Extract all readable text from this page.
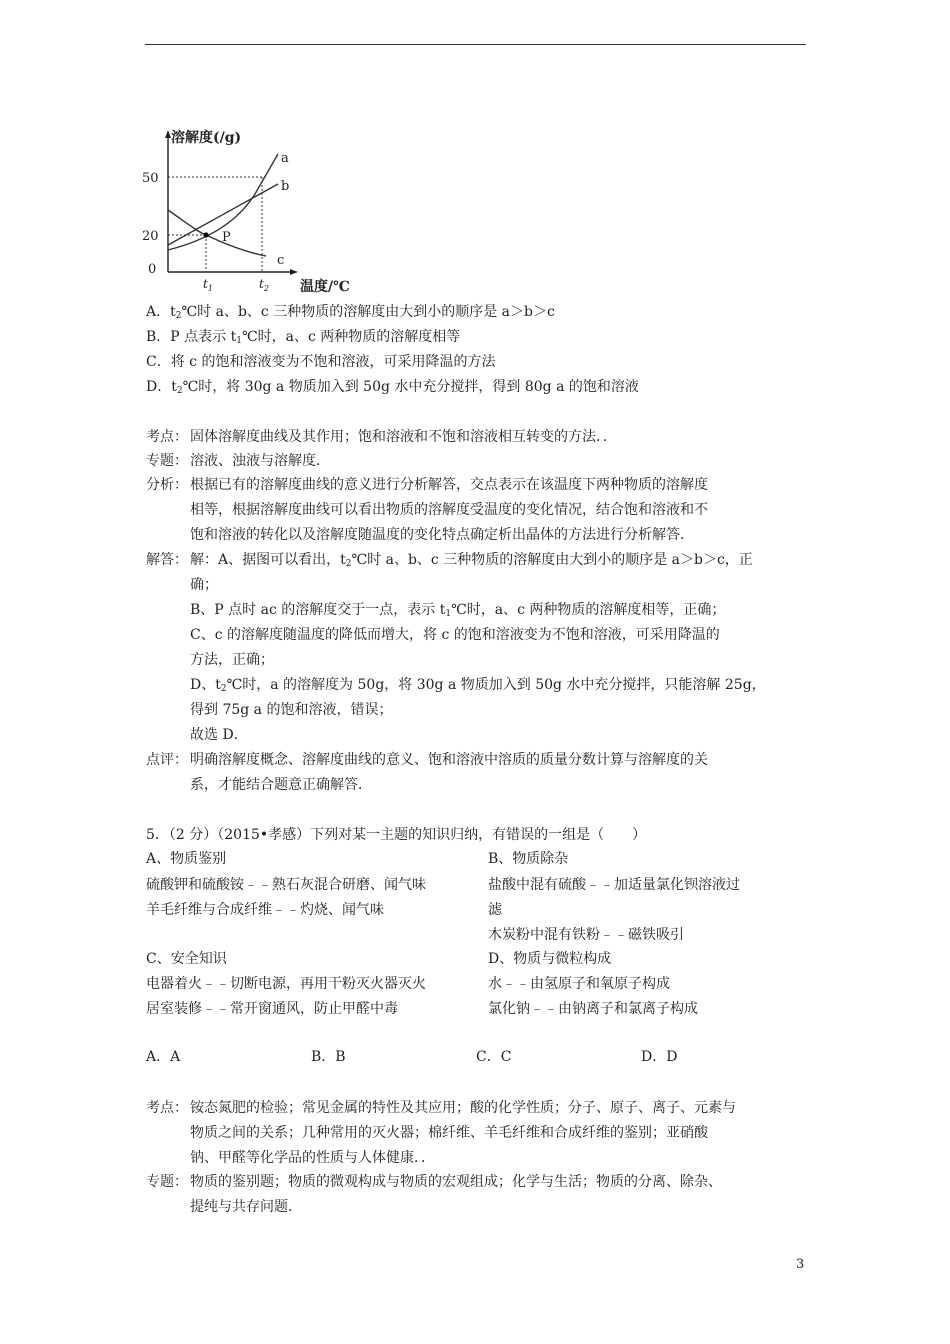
溶解度(/g)
50
20
0
$t_1$	$t_2$ 温度/℃
a
b
c
P
A．$t_2℃$时 a、b、c 三种物质的溶解度由大到小的顺序是 a＞b＞c
B．P 点表示 $t_1℃$时，a、c 两种物质的溶解度相等
C．将 c 的饱和溶液变为不饱和溶液，可采用降温的方法
D．$t_2℃$时，将 30g a 物质加入到 50g 水中充分搅拌，得到 80g a 的饱和溶液
考点： 固体溶解度曲线及其作用；饱和溶液和不饱和溶液相互转变的方法．．
专题： 溶液、浊液与溶解度．
分析： 根据已有的溶解度曲线的意义进行分析解答，交点表示在该温度下两种物质的溶解度
相等，根据溶解度曲线可以看出物质的溶解度受温度的变化情况，结合饱和溶液和不
饱和溶液的转化以及溶解度随温度的变化特点确定析出晶体的方法进行分析解答．
解答： 解：A、据图可以看出，$t_2℃$时 a、b、c 三种物质的溶解度由大到小的顺序是 a＞b＞c，正
确；
B、P 点时 ac 的溶解度交于一点，表示 $t_1℃$时，a、c 两种物质的溶解度相等，正确；
C、c 的溶解度随温度的降低而增大，将 c 的饱和溶液变为不饱和溶液，可采用降温的
方法，正确；
D、$t_2℃$时，a 的溶解度为 50g，将 30g a 物质加入到 50g 水中充分搅拌，只能溶解 25g，
得到 75g a 的饱和溶液，错误；
故选 D．
点评： 明确溶解度概念、溶解度曲线的意义、饱和溶液中溶质的质量分数计算与溶解度的关
系，才能结合题意正确解答．
5．（2 分）（2015•孝感）下列对某一主题的知识归纳，有错误的一组是（　　）
A、物质鉴别
硫酸钾和硫酸铵﹣﹣熟石灰混合研磨、闻气味
羊毛纤维与合成纤维﹣﹣灼烧、闻气味
B、物质除杂
盐酸中混有硫酸﹣﹣加适量氯化钡溶液过
滤
木炭粉中混有铁粉﹣﹣磁铁吸引
C、安全知识
电器着火﹣﹣切断电源，再用干粉灭火器灭火
居室装修﹣﹣常开窗通风，防止甲醛中毒
D、物质与微粒构成
水﹣﹣由氢原子和氧原子构成
氯化钠﹣﹣由钠离子和氯离子构成
A．A	B．B	C．C	D．D
考点： 铵态氮肥的检验；常见金属的特性及其应用；酸的化学性质；分子、原子、离子、元素与
物质之间的关系；几种常用的灭火器；棉纤维、羊毛纤维和合成纤维的鉴别；亚硝酸
钠、甲醛等化学品的性质与人体健康．．
专题： 物质的鉴别题；物质的微观构成与物质的宏观组成；化学与生活；物质的分离、除杂、
提纯与共存问题．
3
